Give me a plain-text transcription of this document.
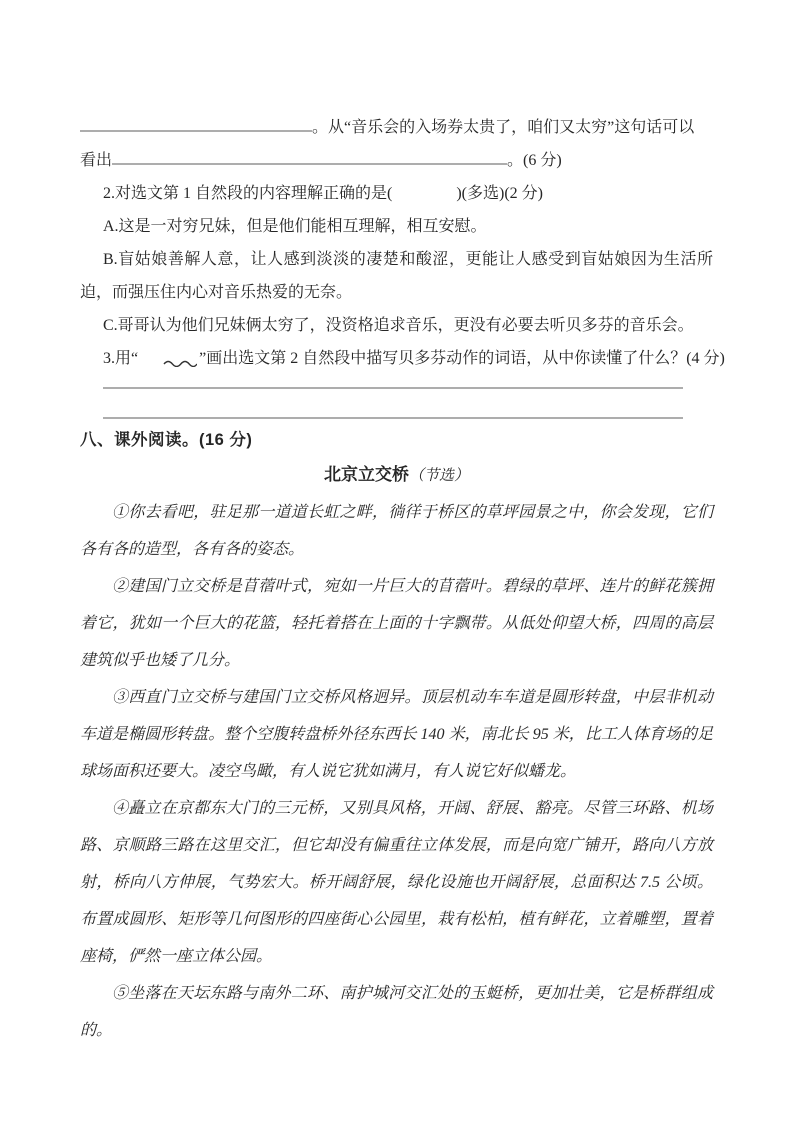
。从“音乐会的入场券太贵了，咱们又太穷”这句话可以
看出	。(6 分)

2.对选文第 1 自然段的内容理解正确的是(　　　　)(多选)(2 分)

A.这是一对穷兄妹，但是他们能相互理解，相互安慰。

B.盲姑娘善解人意，让人感到淡淡的凄楚和酸涩，更能让人感受到盲姑娘因为生活所迫，而强压住内心对音乐热爱的无奈。

C.哥哥认为他们兄妹俩太穷了，没资格追求音乐，更没有必要去听贝多芬的音乐会。

3.用“	”画出选文第 2 自然段中描写贝多芬动作的词语，从中你读懂了什么？(4 分)

八、课外阅读。(16 分)
北京立交桥（节选）

①你去看吧，驻足那一道道长虹之畔，徜徉于桥区的草坪园景之中，你会发现，它们各有各的造型，各有各的姿态。

②建国门立交桥是苜蓿叶式，宛如一片巨大的苜蓿叶。碧绿的草坪、连片的鲜花簇拥着它，犹如一个巨大的花篮，轻托着搭在上面的十字飘带。从低处仰望大桥，四周的高层建筑似乎也矮了几分。

③西直门立交桥与建国门立交桥风格迥异。顶层机动车车道是圆形转盘，中层非机动车道是椭圆形转盘。整个空腹转盘桥外径东西长 140 米，南北长 95 米，比工人体育场的足球场面积还要大。凌空鸟瞰，有人说它犹如满月，有人说它好似蟠龙。

④矗立在京都东大门的三元桥，又别具风格，开阔、舒展、豁亮。尽管三环路、机场路、京顺路三路在这里交汇，但它却没有偏重往立体发展，而是向宽广铺开，路向八方放射，桥向八方伸展，气势宏大。桥开阔舒展，绿化设施也开阔舒展，总面积达 7.5 公顷。布置成圆形、矩形等几何图形的四座街心公园里，栽有松柏，植有鲜花，立着雕塑，置着座椅，俨然一座立体公园。

⑤坐落在天坛东路与南外二环、南护城河交汇处的玉蜓桥，更加壮美，它是桥群组成的。
